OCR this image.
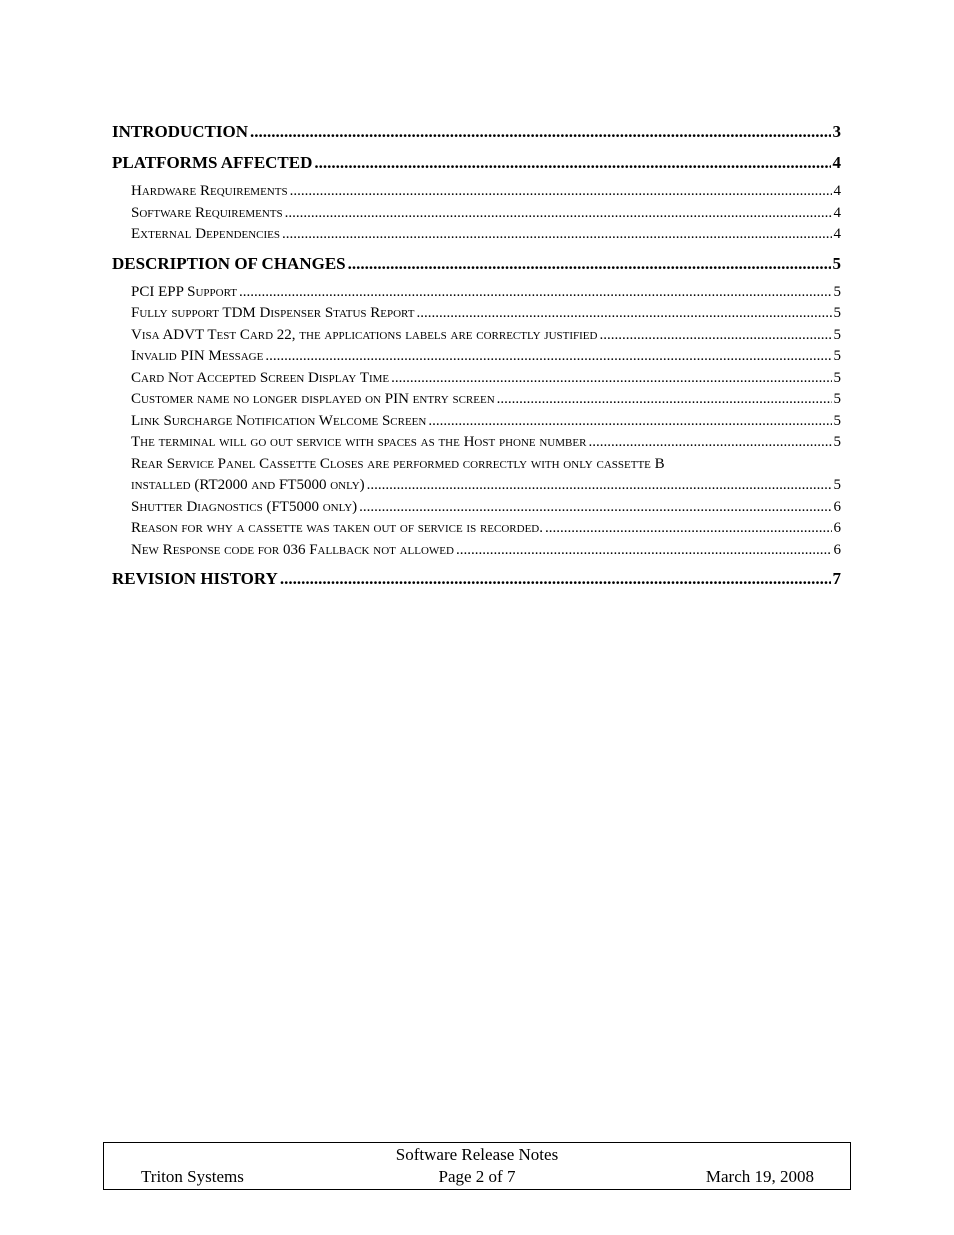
INTRODUCTION .....	3
PLATFORMS AFFECTED .....	4
Hardware Requirements .....	4
Software Requirements .....	4
External Dependencies .....	4
DESCRIPTION OF CHANGES .....	5
PCI EPP Support .....	5
Fully support TDM Dispenser Status Report .....	5
Visa ADVT Test Card 22, the applications labels are correctly justified .....	5
Invalid PIN Message .....	5
Card Not Accepted Screen Display Time .....	5
Customer name no longer displayed on PIN entry screen .....	5
Link Surcharge Notification Welcome Screen .....	5
The terminal will go out service with spaces as the Host phone number .....	5
Rear Service Panel Cassette Closes are performed correctly with only cassette B
installed (RT2000 and FT5000 only) .....	5
Shutter Diagnostics (FT5000 only) .....	6
Reason for why a cassette was taken out of service is recorded. .....	6
New Response code for 036 Fallback not allowed .....	6
REVISION HISTORY .....	7
Software Release Notes
Triton Systems	Page 2 of 7	March 19, 2008
